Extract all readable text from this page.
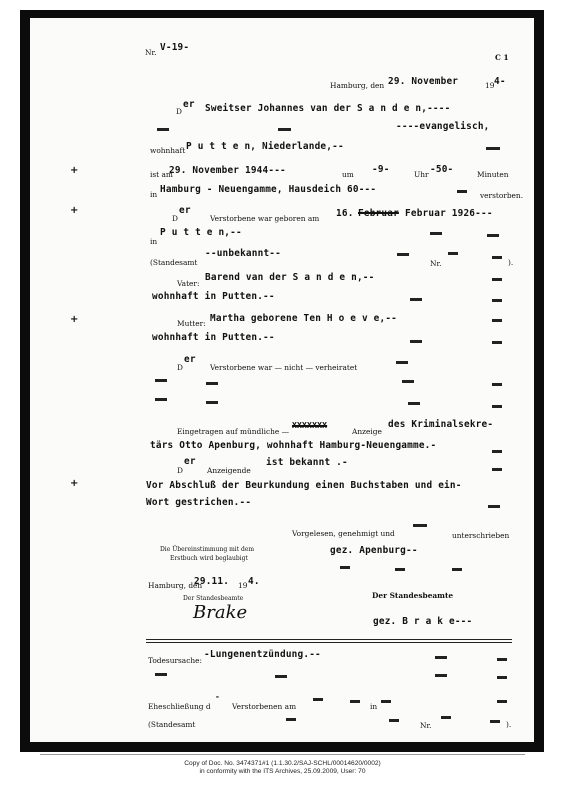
Nr. V-19-
C 1
Hamburg, den 29. November	19 4-
D
er Sweitser Johannes van der S a n d e n,----
----evangelisch,
wohnhaft P u t t e n, Niederlande,--
ist am
29. November 1944---	um -9-	Uhr -50-	Minuten
in Hamburg - Neuengamme, Hausdeich 60---
verstorben.
D
er
Verstorbene war geboren am 16. Februar Februar 1926---
in
P u t t e n,--
(Standesamt
--unbekannt--
Nr.	).
Vater:
Barend van der S a n d e n,--
wohnhaft in Putten.--
Mutter: Martha geborene Ten H o e v e,--
wohnhaft in Putten.--
D
er
Verstorbene war — nicht — verheiratet
Eingetragen auf mündliche —
XXXXXXX
Anzeige
des Kriminalsekre-
tärs Otto Apenburg, wohnhaft Hamburg-Neuengamme.-
D
er
Anzeigende
ist bekannt .-
Vor Abschluß der Beurkundung einen Buchstaben und ein-
Wort gestrichen.--
Vorgelesen, genehmigt und	unterschrieben
gez. Apenburg--
Die Übereinstimmung mit dem
Erstbuch wird beglaubigt
Hamburg, den
29.11. 19 4.
Der Standesbeamte
Brake
Der Standesbeamte
gez. B r a k e---
Todesursache:
-Lungenentzündung.--
Eheschließung d
-
Verstorbenen am	in
(Standesamt	Nr.	).
+
+
+
+
Copy of Doc. No. 3474371#1 (1.1.30.2/SAJ-SCHL/00014620/0002)
in conformity with the ITS Archives, 25.09.2009, User: 70
